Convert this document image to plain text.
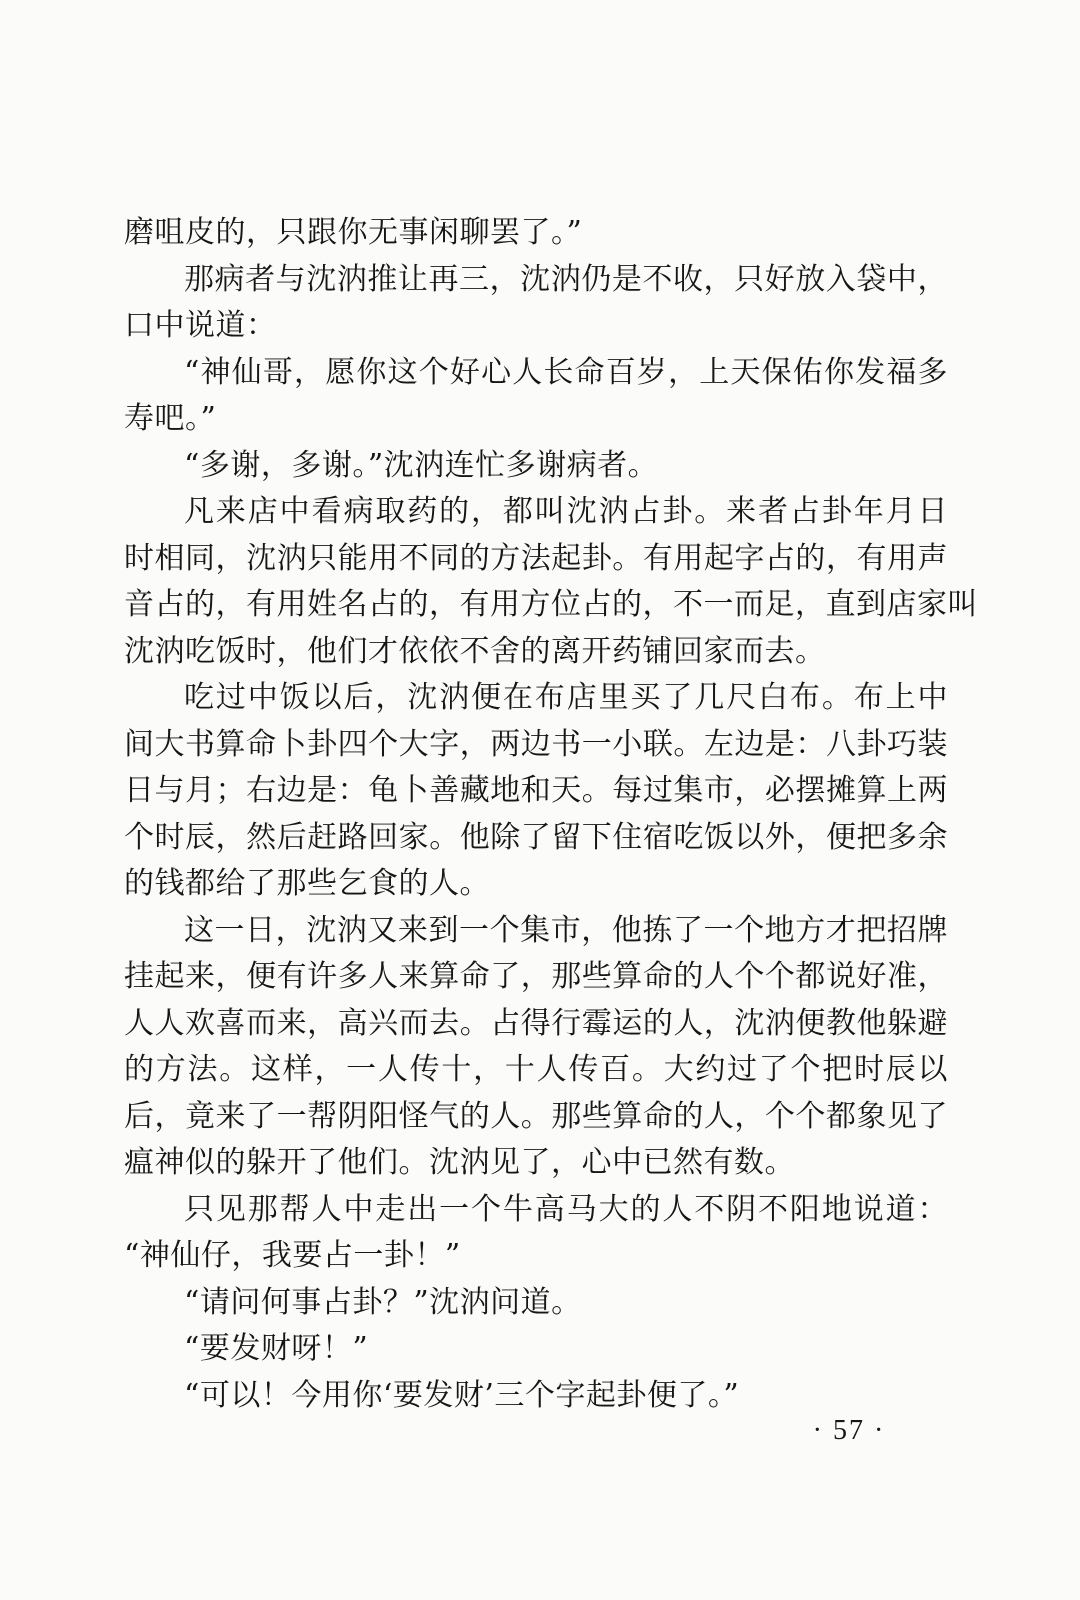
磨咀皮的，只跟你无事闲聊罢了。”
那病者与沈汭推让再三，沈汭仍是不收，只好放入袋中，
口中说道：
“神仙哥，愿你这个好心人长命百岁，上天保佑你发福多
寿吧。”
“多谢，多谢。”沈汭连忙多谢病者。
凡来店中看病取药的，都叫沈汭占卦。来者占卦年月日
时相同，沈汭只能用不同的方法起卦。有用起字占的，有用声
音占的，有用姓名占的，有用方位占的，不一而足，直到店家叫
沈汭吃饭时，他们才依依不舍的离开药铺回家而去。
吃过中饭以后，沈汭便在布店里买了几尺白布。布上中
间大书算命卜卦四个大字，两边书一小联。左边是：八卦巧装
日与月；右边是：龟卜善藏地和天。每过集市，必摆摊算上两
个时辰，然后赶路回家。他除了留下住宿吃饭以外，便把多余
的钱都给了那些乞食的人。
这一日，沈汭又来到一个集市，他拣了一个地方才把招牌
挂起来，便有许多人来算命了，那些算命的人个个都说好准，
人人欢喜而来，高兴而去。占得行霉运的人，沈汭便教他躲避
的方法。这样，一人传十，十人传百。大约过了个把时辰以
后，竟来了一帮阴阳怪气的人。那些算命的人，个个都象见了
瘟神似的躲开了他们。沈汭见了，心中已然有数。
只见那帮人中走出一个牛高马大的人不阴不阳地说道：
“神仙仔，我要占一卦！”
“请问何事占卦？”沈汭问道。
“要发财呀！”
“可以！今用你‘要发财’三个字起卦便了。”
· 57 ·
